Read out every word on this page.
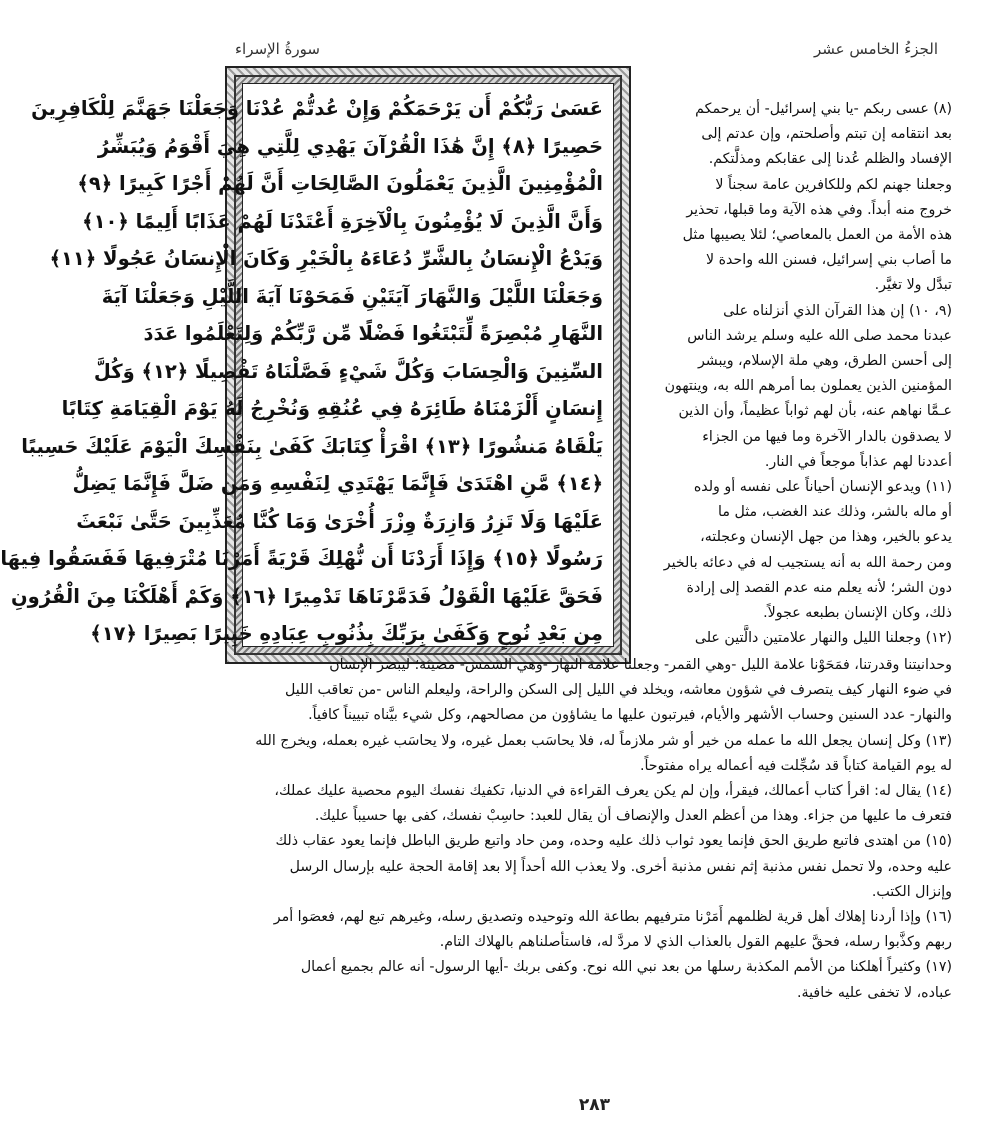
الجزءُ الخامس عشر
سورةُ الإسراء
عَسَىٰ رَبُّكُمْ أَن يَرْحَمَكُمْ وَإِنْ عُدتُّمْ عُدْنَا وَجَعَلْنَا جَهَنَّمَ لِلْكَافِرِينَ
حَصِيرًا ﴿٨﴾ إِنَّ هَٰذَا الْقُرْآنَ يَهْدِي لِلَّتِي هِيَ أَقْوَمُ وَيُبَشِّرُ
الْمُؤْمِنِينَ الَّذِينَ يَعْمَلُونَ الصَّالِحَاتِ أَنَّ لَهُمْ أَجْرًا كَبِيرًا ﴿٩﴾
وَأَنَّ الَّذِينَ لَا يُؤْمِنُونَ بِالْآخِرَةِ أَعْتَدْنَا لَهُمْ عَذَابًا أَلِيمًا ﴿١٠﴾
وَيَدْعُ الْإِنسَانُ بِالشَّرِّ دُعَاءَهُ بِالْخَيْرِ وَكَانَ الْإِنسَانُ عَجُولًا ﴿١١﴾
وَجَعَلْنَا اللَّيْلَ وَالنَّهَارَ آيَتَيْنِ فَمَحَوْنَا آيَةَ اللَّيْلِ وَجَعَلْنَا آيَةَ
النَّهَارِ مُبْصِرَةً لِّتَبْتَغُوا فَضْلًا مِّن رَّبِّكُمْ وَلِتَعْلَمُوا عَدَدَ
السِّنِينَ وَالْحِسَابَ وَكُلَّ شَيْءٍ فَصَّلْنَاهُ تَفْصِيلًا ﴿١٢﴾ وَكُلَّ
إِنسَانٍ أَلْزَمْنَاهُ طَائِرَهُ فِي عُنُقِهِ وَنُخْرِجُ لَهُ يَوْمَ الْقِيَامَةِ كِتَابًا
يَلْقَاهُ مَنشُورًا ﴿١٣﴾ اقْرَأْ كِتَابَكَ كَفَىٰ بِنَفْسِكَ الْيَوْمَ عَلَيْكَ حَسِيبًا
﴿١٤﴾ مَّنِ اهْتَدَىٰ فَإِنَّمَا يَهْتَدِي لِنَفْسِهِ وَمَن ضَلَّ فَإِنَّمَا يَضِلُّ
عَلَيْهَا وَلَا تَزِرُ وَازِرَةٌ وِزْرَ أُخْرَىٰ وَمَا كُنَّا مُعَذِّبِينَ حَتَّىٰ نَبْعَثَ
رَسُولًا ﴿١٥﴾ وَإِذَا أَرَدْنَا أَن نُّهْلِكَ قَرْيَةً أَمَرْنَا مُتْرَفِيهَا فَفَسَقُوا فِيهَا
فَحَقَّ عَلَيْهَا الْقَوْلُ فَدَمَّرْنَاهَا تَدْمِيرًا ﴿١٦﴾ وَكَمْ أَهْلَكْنَا مِنَ الْقُرُونِ
مِن بَعْدِ نُوحٍ وَكَفَىٰ بِرَبِّكَ بِذُنُوبِ عِبَادِهِ خَبِيرًا بَصِيرًا ﴿١٧﴾
(٨) عسى ربكم -يا بني إسرائيل- أن يرحمكم
بعد انتقامه إن تبتم وأصلحتم، وإن عدتم إلى
الإفساد والظلم عُدنا إلى عقابكم ومذلَّتكم.
وجعلنا جهنم لكم وللكافرين عامة سجناً لا
خروج منه أبداً. وفي هذه الآية وما قبلها، تحذير
هذه الأمة من العمل بالمعاصي؛ لئلا يصيبها مثل
ما أصاب بني إسرائيل، فسنن الله واحدة لا
تبدَّل ولا تغيَّر.
(٩، ١٠) إن هذا القرآن الذي أنزلناه على
عبدنا محمد صلى الله عليه وسلم يرشد الناس
إلى أحسن الطرق، وهي ملة الإسلام، ويبشر
المؤمنين الذين يعملون بما أمرهم الله به، وينتهون
عـمَّا نهاهم عنه، بأن لهم ثواباً عظيماً، وأن الذين
لا يصدقون بالدار الآخرة وما فيها من الجزاء
أعددنا لهم عذاباً موجعاً في النار.
(١١) ويدعو الإنسان أحياناً على نفسه أو ولده
أو ماله بالشر، وذلك عند الغضب، مثل ما
يدعو بالخير، وهذا من جهل الإنسان وعجلته،
ومن رحمة الله به أنه يستجيب له في دعائه بالخير
دون الشر؛ لأنه يعلم منه عدم القصد إلى إرادة
ذلك، وكان الإنسان بطبعه عجولاً.
(١٢) وجعلنا الليل والنهار علامتين دالَّتين على
وحدانيتنا وقدرتنا، فمَحَوْنا علامة الليل -وهي القمر- وجعلنا علامة النهار -وهي الشمس- مضيئة؛ ليبصر الإنسان
في ضوء النهار كيف يتصرف في شؤون معاشه، ويخلد في الليل إلى السكن والراحة، وليعلم الناس -من تعاقب الليل
والنهار- عدد السنين وحساب الأشهر والأيام، فيرتبون عليها ما يشاؤون من مصالحهم، وكل شيء بيَّناه تبييناً كافياً.
(١٣) وكل إنسان يجعل الله ما عمله من خير أو شر ملازماً له، فلا يحاسَب بعمل غيره، ولا يحاسَب غيره بعمله، ويخرج الله
له يوم القيامة كتاباً قد سُجِّلت فيه أعماله يراه مفتوحاً.
(١٤) يقال له: اقرأ كتاب أعمالك، فيقرأ، وإن لم يكن يعرف القراءة في الدنيا، تكفيك نفسك اليوم محصية عليك عملك،
فتعرف ما عليها من جزاء. وهذا من أعظم العدل والإنصاف أن يقال للعبد: حاسِبْ نفسك، كفى بها حسيباً عليك.
(١٥) من اهتدى فاتبع طريق الحق فإنما يعود ثواب ذلك عليه وحده، ومن حاد واتبع طريق الباطل فإنما يعود عقاب ذلك
عليه وحده، ولا تحمل نفس مذنبة إثم نفس مذنبة أخرى. ولا يعذب الله أحداً إلا بعد إقامة الحجة عليه بإرسال الرسل
وإنزال الكتب.
(١٦) وإذا أردنا إهلاك أهل قرية لظلمهم أَمَرْنا مترفيهم بطاعة الله وتوحيده وتصديق رسله، وغيرهم تبع لهم، فعصَوا أمر
ربهم وكذَّبوا رسله، فحقَّ عليهم القول بالعذاب الذي لا مردَّ له، فاستأصلناهم بالهلاك التام.
(١٧) وكثيراً أهلكنا من الأمم المكذبة رسلها من بعد نبي الله نوح. وكفى بربك -أيها الرسول- أنه عالم بجميع أعمال
عباده، لا تخفى عليه خافية.
٢٨٣
